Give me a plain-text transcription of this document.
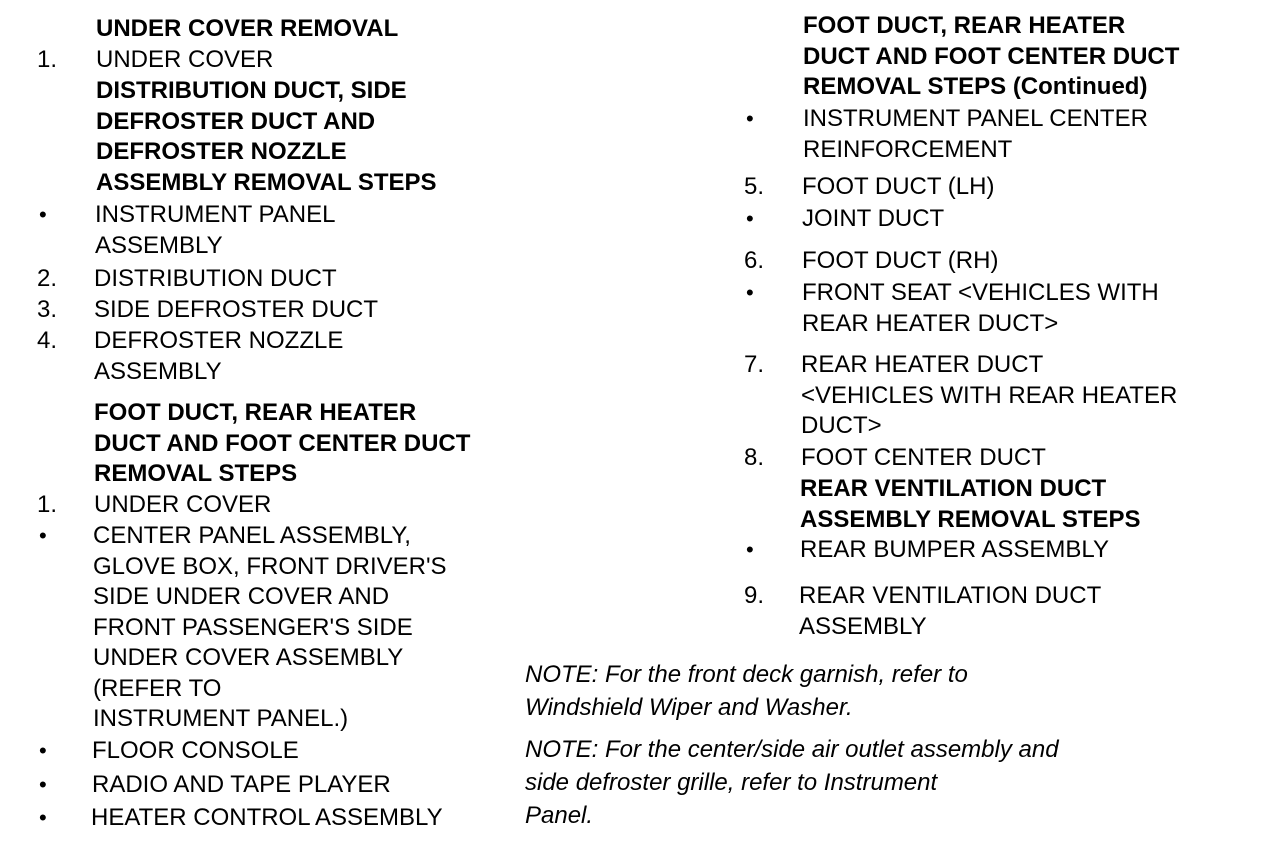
UNDER COVER REMOVAL
1. UNDER COVER
DISTRIBUTION DUCT, SIDE
DEFROSTER DUCT AND
DEFROSTER NOZZLE
ASSEMBLY REMOVAL STEPS
• INSTRUMENT PANEL
ASSEMBLY
2. DISTRIBUTION DUCT
3. SIDE DEFROSTER DUCT
4. DEFROSTER NOZZLE
ASSEMBLY
FOOT DUCT, REAR HEATER
DUCT AND FOOT CENTER DUCT
REMOVAL STEPS
1. UNDER COVER
• CENTER PANEL ASSEMBLY,
GLOVE BOX, FRONT DRIVER'S
SIDE UNDER COVER AND
FRONT PASSENGER'S SIDE
UNDER COVER ASSEMBLY
(REFER TO
INSTRUMENT PANEL.)
• FLOOR CONSOLE
• RADIO AND TAPE PLAYER
• HEATER CONTROL ASSEMBLY
FOOT DUCT, REAR HEATER
DUCT AND FOOT CENTER DUCT
REMOVAL STEPS (Continued)
• INSTRUMENT PANEL CENTER
REINFORCEMENT
5. FOOT DUCT (LH)
• JOINT DUCT
6. FOOT DUCT (RH)
• FRONT SEAT <VEHICLES WITH
REAR HEATER DUCT>
7. REAR HEATER DUCT
<VEHICLES WITH REAR HEATER
DUCT>
8. FOOT CENTER DUCT
REAR VENTILATION DUCT
ASSEMBLY REMOVAL STEPS
• REAR BUMPER ASSEMBLY
9. REAR VENTILATION DUCT
ASSEMBLY
NOTE: For the front deck garnish, refer to
Windshield Wiper and Washer.
NOTE: For the center/side air outlet assembly and
side defroster grille, refer to Instrument
Panel.
